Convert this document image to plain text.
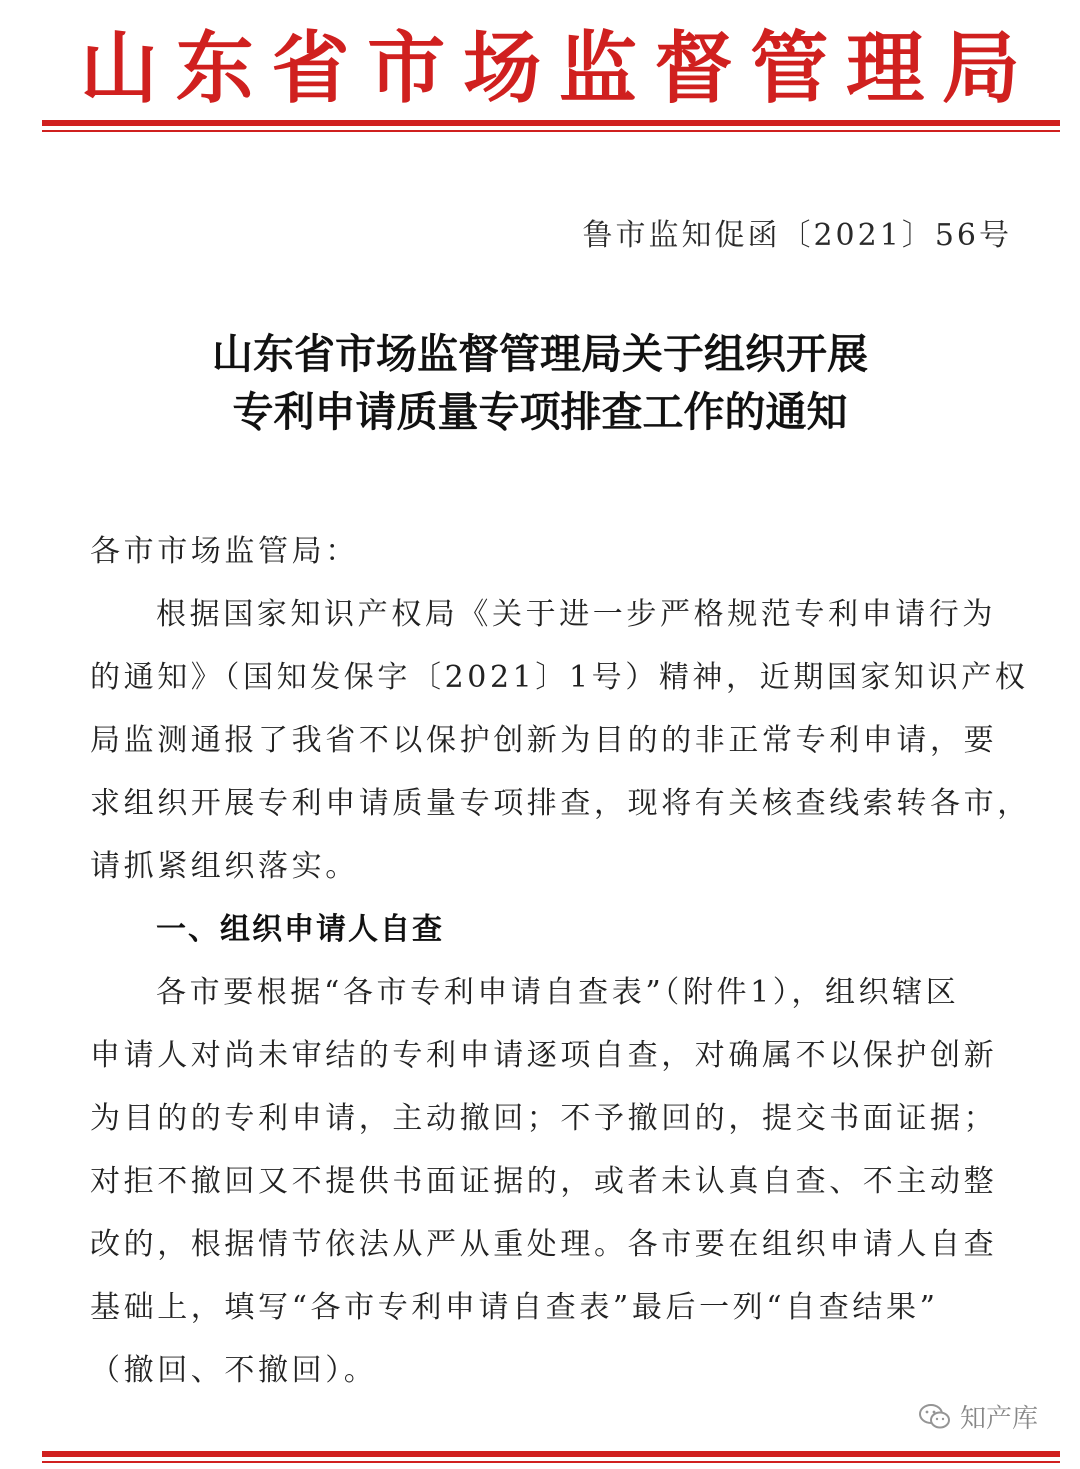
山 东 省 市 场 监 督 管 理 局
鲁市监知促函〔2021〕56号
山东省市场监督管理局关于组织开展
专利申请质量专项排查工作的通知
各市市场监管局：
根据国家知识产权局《关于进一步严格规范专利申请行为
的通知》（国知发保字〔2021〕1号）精神，近期国家知识产权
局监测通报了我省不以保护创新为目的的非正常专利申请，要
求组织开展专利申请质量专项排查，现将有关核查线索转各市，
请抓紧组织落实。
一、组织申请人自查
各市要根据“各市专利申请自查表”（附件1），组织辖区
申请人对尚未审结的专利申请逐项自查，对确属不以保护创新
为目的的专利申请，主动撤回；不予撤回的，提交书面证据；
对拒不撤回又不提供书面证据的，或者未认真自查、不主动整
改的，根据情节依法从严从重处理。各市要在组织申请人自查
基础上，填写“各市专利申请自查表”最后一列“自查结果”
（撤回、不撤回）。
知产库
